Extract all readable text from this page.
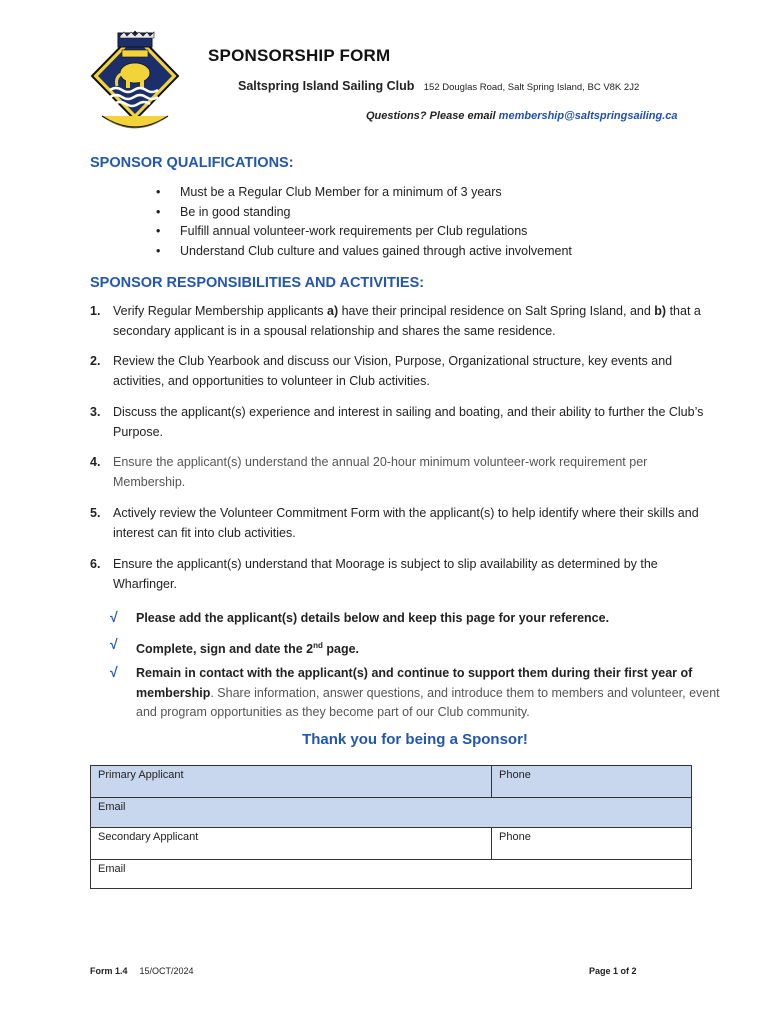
SPONSORSHIP FORM
Saltspring Island Sailing Club 152 Douglas Road, Salt Spring Island, BC V8K 2J2
Questions? Please email membership@saltspringsailing.ca
SPONSOR QUALIFICATIONS:
• Must be a Regular Club Member for a minimum of 3 years
• Be in good standing
• Fulfill annual volunteer-work requirements per Club regulations
• Understand Club culture and values gained through active involvement
SPONSOR RESPONSIBILITIES AND ACTIVITIES:
1. Verify Regular Membership applicants a) have their principal residence on Salt Spring Island, and b) that a secondary applicant is in a spousal relationship and shares the same residence.
2. Review the Club Yearbook and discuss our Vision, Purpose, Organizational structure, key events and activities, and opportunities to volunteer in Club activities.
3. Discuss the applicant(s) experience and interest in sailing and boating, and their ability to further the Club’s Purpose.
4. Ensure the applicant(s) understand the annual 20-hour minimum volunteer-work requirement per Membership.
5. Actively review the Volunteer Commitment Form with the applicant(s) to help identify where their skills and interest can fit into club activities.
6. Ensure the applicant(s) understand that Moorage is subject to slip availability as determined by the Wharfinger.
√ Please add the applicant(s) details below and keep this page for your reference.
√ Complete, sign and date the 2nd page.
√ Remain in contact with the applicant(s) and continue to support them during their first year of membership. Share information, answer questions, and introduce them to members and volunteer, event and program opportunities as they become part of our Club community.
Thank you for being a Sponsor!
Primary Applicant	Phone
Email
Secondary Applicant	Phone
Email
Form 1.4 15/OCT/2024	Page 1 of 2
